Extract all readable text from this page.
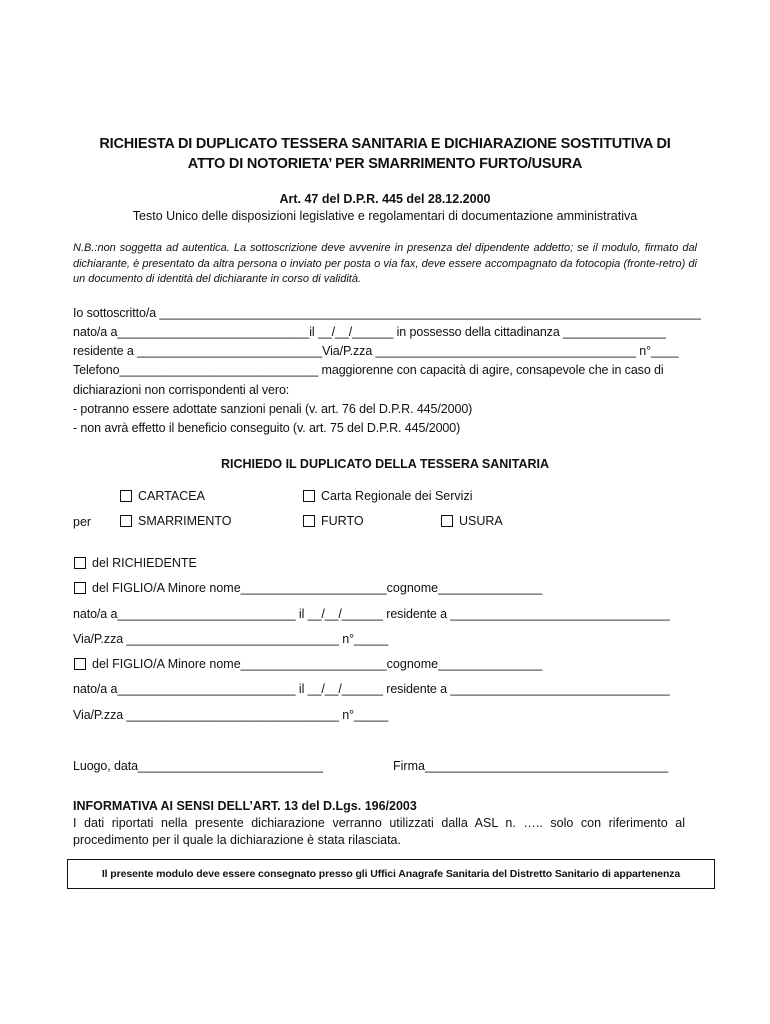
RICHIESTA DI DUPLICATO TESSERA SANITARIA E DICHIARAZIONE SOSTITUTIVA DI
ATTO DI NOTORIETA’ PER SMARRIMENTO FURTO/USURA
Art. 47 del D.P.R. 445 del 28.12.2000
Testo Unico delle disposizioni legislative e regolamentari di documentazione amministrativa
N.B.:non soggetta ad autentica. La sottoscrizione deve avvenire in presenza del dipendente addetto; se il modulo, firmato dal dichiarante, è presentato da altra persona o inviato per posta o via fax, deve essere accompagnato da fotocopia (fronte-retro) di un documento di identità del dichiarante in corso di validità.
Io sottoscritto/a _______________________________________________________________________________
nato/a a____________________________il __/__/______ in possesso della cittadinanza _______________
residente a ___________________________Via/P.zza ______________________________________ n°____
Telefono_____________________________ maggiorenne con capacità di agire, consapevole che in caso di
dichiarazioni non corrispondenti al vero:
- potranno essere adottate sanzioni penali (v. art. 76 del D.P.R. 445/2000)
- non avrà effetto il beneficio conseguito (v. art. 75 del D.P.R. 445/2000)
RICHIEDO IL DUPLICATO DELLA TESSERA SANITARIA
CARTACEA	Carta Regionale dei Servizi
per	SMARRIMENTO	FURTO	USURA
del RICHIEDENTE
del FIGLIO/A Minore nome_____________________cognome_______________
nato/a a__________________________ il __/__/______ residente a ________________________________
Via/P.zza _______________________________ n°_____
del FIGLIO/A Minore nome_____________________cognome_______________
nato/a a__________________________ il __/__/______ residente a ________________________________
Via/P.zza _______________________________ n°_____
Luogo, data___________________________	Firma___________________________________
INFORMATIVA AI SENSI DELL’ART. 13 del D.Lgs. 196/2003
I dati riportati nella presente dichiarazione verranno utilizzati dalla ASL n. ….. solo con riferimento al procedimento per il quale la dichiarazione è stata rilasciata.
Il presente modulo deve essere consegnato presso gli Uffici Anagrafe Sanitaria del Distretto Sanitario di appartenenza
